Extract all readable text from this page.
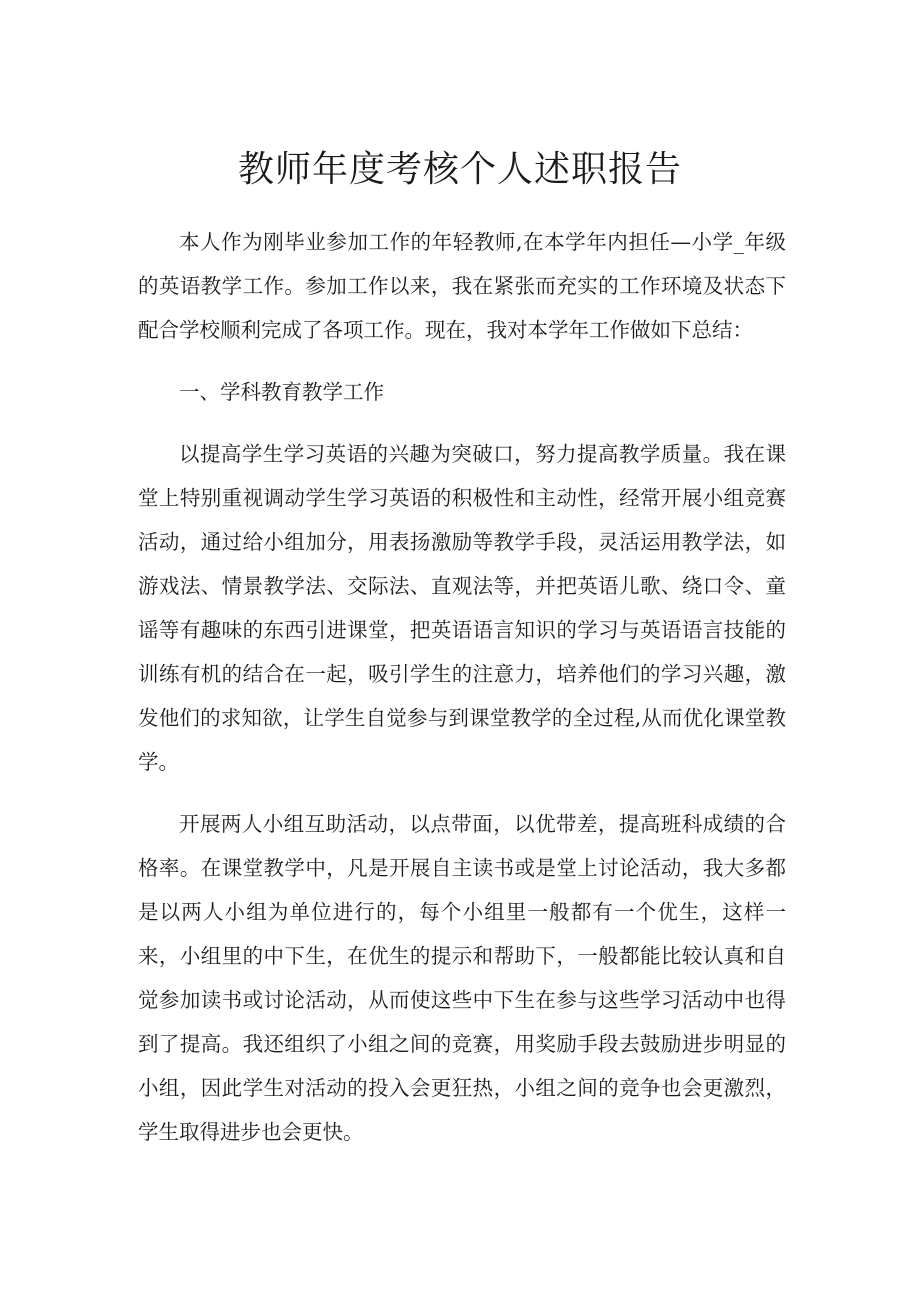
教师年度考核个人述职报告

本人作为刚毕业参加工作的年轻教师,在本学年内担任—小学_年级的英语教学工作。参加工作以来，我在紧张而充实的工作环境及状态下配合学校顺利完成了各项工作。现在，我对本学年工作做如下总结：

一、学科教育教学工作

以提高学生学习英语的兴趣为突破口，努力提高教学质量。我在课堂上特别重视调动学生学习英语的积极性和主动性，经常开展小组竞赛活动，通过给小组加分，用表扬激励等教学手段，灵活运用教学法，如游戏法、情景教学法、交际法、直观法等，并把英语儿歌、绕口令、童谣等有趣味的东西引进课堂，把英语语言知识的学习与英语语言技能的训练有机的结合在一起，吸引学生的注意力，培养他们的学习兴趣，激发他们的求知欲，让学生自觉参与到课堂教学的全过程,从而优化课堂教学。

开展两人小组互助活动，以点带面，以优带差，提高班科成绩的合格率。在课堂教学中，凡是开展自主读书或是堂上讨论活动，我大多都是以两人小组为单位进行的，每个小组里一般都有一个优生，这样一来，小组里的中下生，在优生的提示和帮助下，一般都能比较认真和自觉参加读书或讨论活动，从而使这些中下生在参与这些学习活动中也得到了提高。我还组织了小组之间的竞赛，用奖励手段去鼓励进步明显的小组，因此学生对活动的投入会更狂热，小组之间的竞争也会更激烈，学生取得进步也会更快。
